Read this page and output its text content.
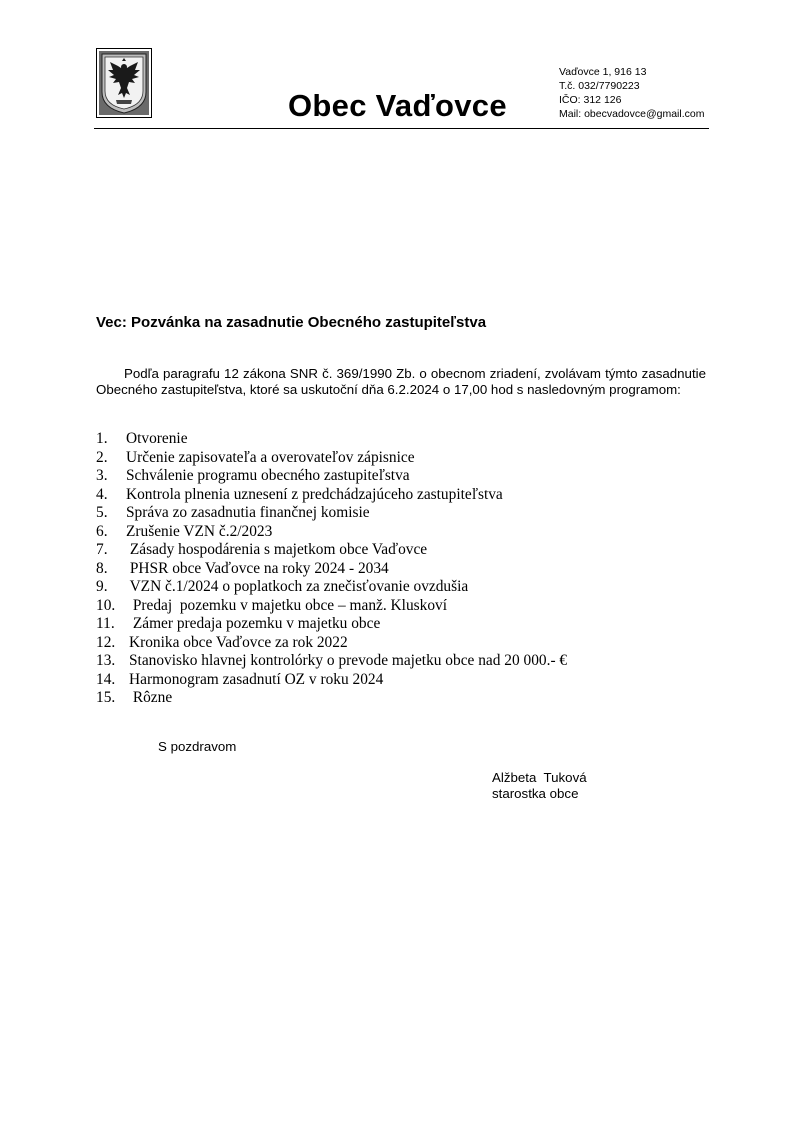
Obec Vaďovce
Vaďovce 1, 916 13
T.č. 032/7790223
IČO: 312 126
Mail: obecvadovce@gmail.com
Vec: Pozvánka na zasadnutie Obecného zastupiteľstva
Podľa paragrafu 12 zákona SNR č. 369/1990 Zb. o obecnom zriadení, zvolávam týmto zasadnutie Obecného zastupiteľstva, ktoré sa uskutoční dňa 6.2.2024 o 17,00 hod s nasledovným programom:
1.	Otvorenie
2.	Určenie zapisovateľa a overovateľov zápisnice
3.	Schválenie programu obecného zastupiteľstva
4.	Kontrola plnenia uznesení z predchádzajúceho zastupiteľstva
5.	Správa zo zasadnutia finančnej komisie
6.	Zrušenie VZN č.2/2023
7.	Zásady hospodárenia s majetkom obce Vaďovce
8.	PHSR obce Vaďovce na roky 2024 - 2034
9.	VZN č.1/2024 o poplatkoch za znečisťovanie ovzdušia
10. Predaj  pozemku v majetku obce – manž. Kluskoví
11. Zámer predaja pozemku v majetku obce
12. Kronika obce Vaďovce za rok 2022
13. Stanovisko hlavnej kontrolórky o prevode majetku obce nad 20 000.- €
14. Harmonogram zasadnutí OZ v roku 2024
15. Rôzne
S pozdravom
Alžbeta  Tuková
starostka obce
